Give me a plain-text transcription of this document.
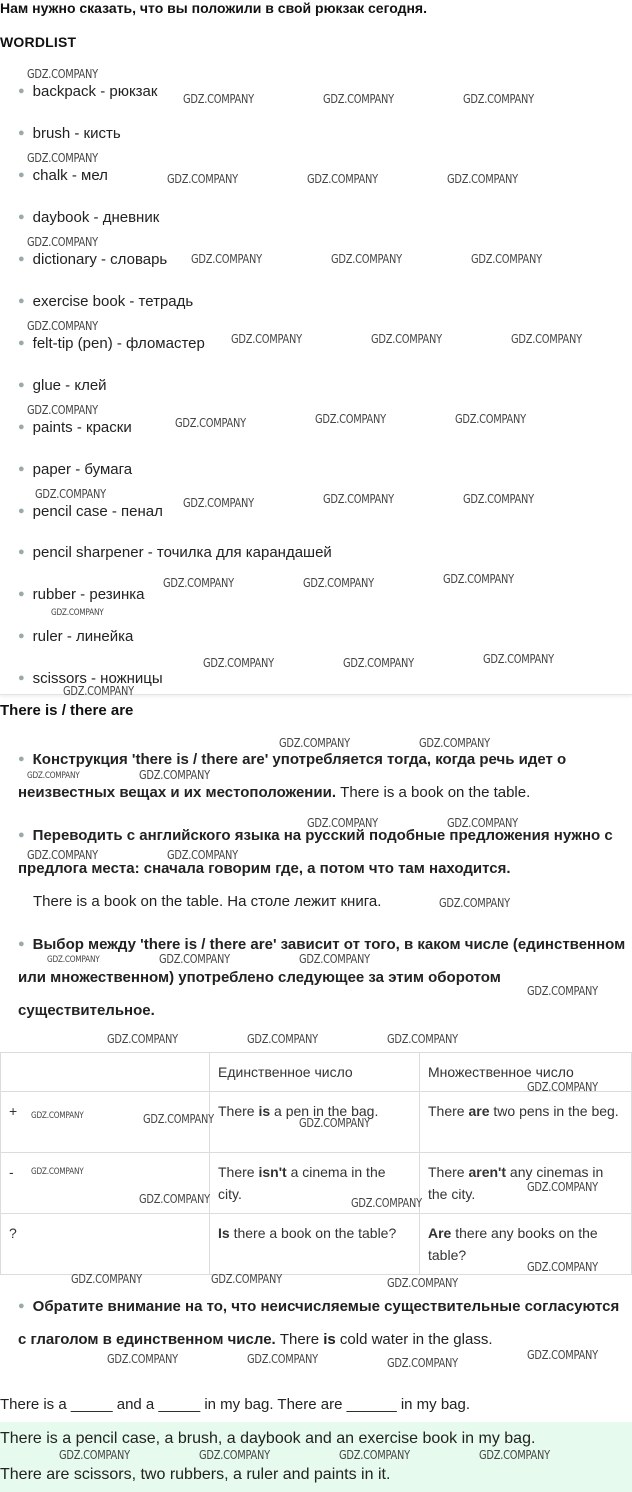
Нам нужно сказать, что вы положили в свой рюкзак сегодня.
WORDLIST
● backpack - рюкзак
● brush - кисть
● chalk - мел
● daybook - дневник
● dictionary - словарь
● exercise book - тетрадь
● felt-tip (pen) - фломастер
● glue - клей
● paints - краски
● paper - бумага
● pencil case - пенал
● pencil sharpener - точилка для карандашей
● rubber - резинка
● ruler - линейка
● scissors - ножницы
There is / there are
● Конструкция 'there is / there are' употребляется тогда, когда речь идет о неизвестных вещах и их местоположении. There is a book on the table.
● Переводить с английского языка на русский подобные предложения нужно с предлога места: сначала говорим где, а потом что там находится.
There is a book on the table. На столе лежит книга.
● Выбор между 'there is / there are' зависит от того, в каком числе (единственном или множественном) употреблено следующее за этим оборотом существительное.
	Единственное число	Множественное число
+	There is a pen in the bag.	There are two pens in the beg.
-	There isn't a cinema in the city.	There aren't any cinemas in the city.
?	Is there a book on the table?	Are there any books on the table?
● Обратите внимание на то, что неисчисляемые существительные согласуются с глаголом в единственном числе. There is cold water in the glass.
There is a _____ and a _____ in my bag. There are ______ in my bag.
There is a pencil case, a brush, a daybook and an exercise book in my bag.
There are scissors, two rubbers, a ruler and paints in it.
GDZ.COMPANY
GDZ.COMPANY	GDZ.COMPANY	GDZ.COMPANY
GDZ.COMPANY
GDZ.COMPANY	GDZ.COMPANY	GDZ.COMPANY
GDZ.COMPANY
GDZ.COMPANY	GDZ.COMPANY	GDZ.COMPANY
GDZ.COMPANY
GDZ.COMPANY	GDZ.COMPANY	GDZ.COMPANY
GDZ.COMPANY
GDZ.COMPANY	GDZ.COMPANY	GDZ.COMPANY
GDZ.COMPANY
GDZ.COMPANY	GDZ.COMPANY	GDZ.COMPANY
GDZ.COMPANY	GDZ.COMPANY	GDZ.COMPANY
GDZ.COMPANY
GDZ.COMPANY	GDZ.COMPANY	GDZ.COMPANY
GDZ.COMPANY
GDZ.COMPANY	GDZ.COMPANY
GDZ.COMPANY	GDZ.COMPANY
GDZ.COMPANY	GDZ.COMPANY
GDZ.COMPANY	GDZ.COMPANY
GDZ.COMPANY
GDZ.COMPANY	GDZ.COMPANY	GDZ.COMPANY
GDZ.COMPANY
GDZ.COMPANY	GDZ.COMPANY	GDZ.COMPANY
GDZ.COMPANY
GDZ.COMPANY	GDZ.COMPANY	GDZ.COMPANY
GDZ.COMPANY
GDZ.COMPANY	GDZ.COMPANY
GDZ.COMPANY
GDZ.COMPANY
GDZ.COMPANY	GDZ.COMPANY	GDZ.COMPANY
GDZ.COMPANY	GDZ.COMPANY	GDZ.COMPANY
GDZ.COMPANY
GDZ.COMPANY	GDZ.COMPANY	GDZ.COMPANY	GDZ.COMPANY
